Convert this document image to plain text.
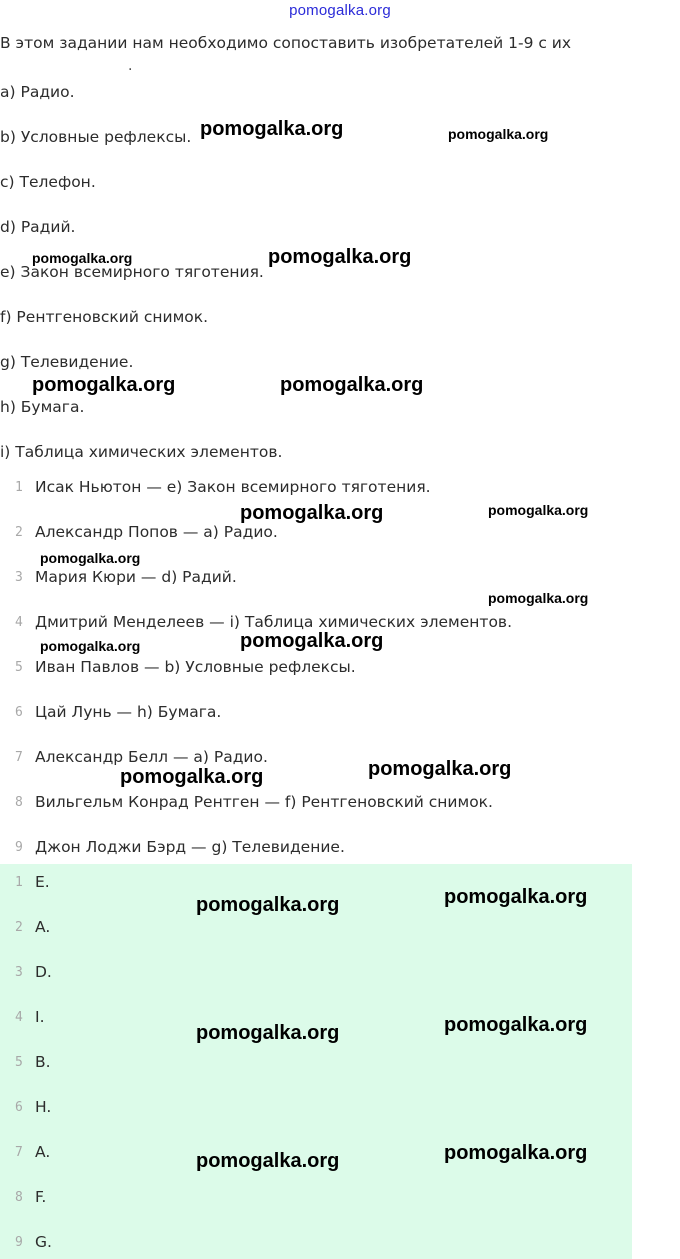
pomogalka.org
В этом задании нам необходимо сопоставить изобретателей 1-9 с их
.
a) Радио.
b) Условные рефлексы.
c) Телефон.
d) Радий.
e) Закон всемирного тяготения.
f) Рентгеновский снимок.
g) Телевидение.
h) Бумага.
i) Таблица химических элементов.
1 Исак Ньютон — e) Закон всемирного тяготения.
2 Александр Попов — a) Радио.
3 Мария Кюри — d) Радий.
4 Дмитрий Менделеев — i) Таблица химических элементов.
5 Иван Павлов — b) Условные рефлексы.
6 Цай Лунь — h) Бумага.
7 Александр Белл — a) Радио.
8 Вильгельм Конрад Рентген — f) Рентгеновский снимок.
9 Джон Лоджи Бэрд — g) Телевидение.
1 E.
2 A.
3 D.
4 I.
5 B.
6 H.
7 A.
8 F.
9 G.
pomogalka.org	pomogalka.org
pomogalka.org	pomogalka.org
pomogalka.org	pomogalka.org
pomogalka.org	pomogalka.org
pomogalka.org
pomogalka.org
pomogalka.org	pomogalka.org
pomogalka.org	pomogalka.org
pomogalka.org	pomogalka.org
pomogalka.org	pomogalka.org
pomogalka.org	pomogalka.org
